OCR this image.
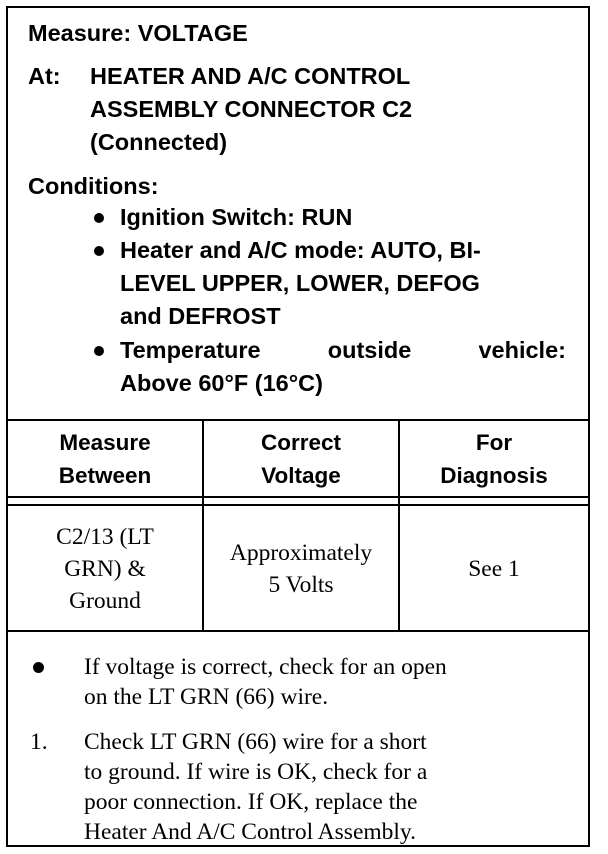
Measure: VOLTAGE
At: HEATER AND A/C CONTROL
ASSEMBLY CONNECTOR C2
(Connected)
Conditions:
Ignition Switch: RUN
Heater and A/C mode: AUTO, BI-
LEVEL UPPER, LOWER, DEFOG
and DEFROST
Temperature	outside	vehicle:
Above 60°F (16°C)
Measure
Between
Correct
Voltage
For
Diagnosis
C2/13 (LT
GRN) &
Ground
Approximately
5 Volts
See 1
If voltage is correct, check for an open
on the LT GRN (66) wire.
1. Check LT GRN (66) wire for a short
to ground. If wire is OK, check for a
poor connection. If OK, replace the
Heater And A/C Control Assembly.
